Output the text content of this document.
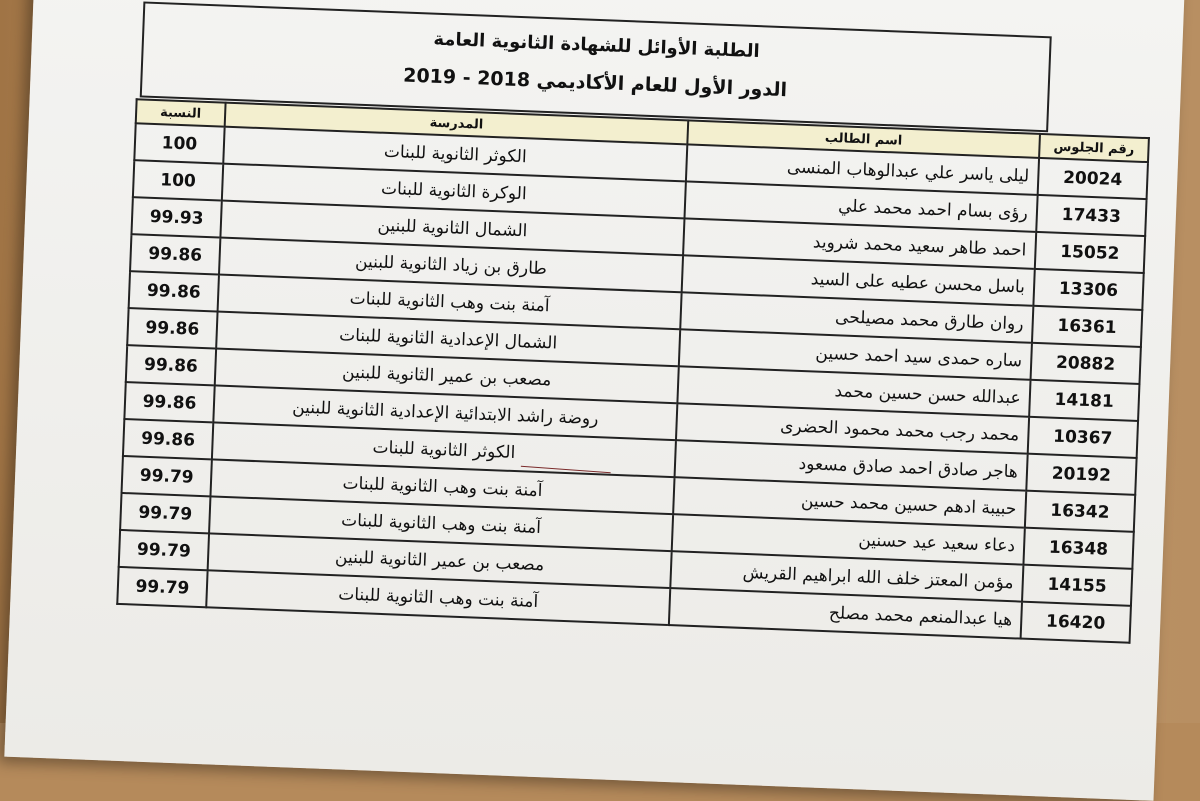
الطلبة الأوائل للشهادة الثانوية العامة
الدور الأول للعام الأكاديمي 2018 - 2019
رقم الجلوس	اسم الطالب	المدرسة	النسبة
20024	ليلى ياسر علي عبدالوهاب المنسى	الكوثر الثانوية للبنات	100
17433	رؤى بسام احمد محمد علي	الوكرة الثانوية للبنات	100
15052	احمد طاهر سعيد محمد شرويد	الشمال الثانوية للبنين	99.93
13306	باسل محسن عطيه على السيد	طارق بن زياد الثانوية للبنين	99.86
16361	روان طارق محمد مصيلحى	آمنة بنت وهب الثانوية للبنات	99.86
20882	ساره حمدى سيد احمد حسين	الشمال الإعدادية الثانوية للبنات	99.86
14181	عبدالله حسن حسين محمد	مصعب بن عمير الثانوية للبنين	99.86
10367	محمد رجب محمد محمود الحضرى	روضة راشد الابتدائية الإعدادية الثانوية للبنين	99.86
20192	هاجر صادق احمد صادق مسعود	الكوثر الثانوية للبنات	99.86
16342	حبيبة ادهم حسين محمد حسين	آمنة بنت وهب الثانوية للبنات	99.79
16348	دعاء سعيد عيد حسنين	آمنة بنت وهب الثانوية للبنات	99.79
14155	مؤمن المعتز خلف الله ابراهيم القريش	مصعب بن عمير الثانوية للبنين	99.79
16420	هيا عبدالمنعم محمد مصلح	آمنة بنت وهب الثانوية للبنات	99.79
